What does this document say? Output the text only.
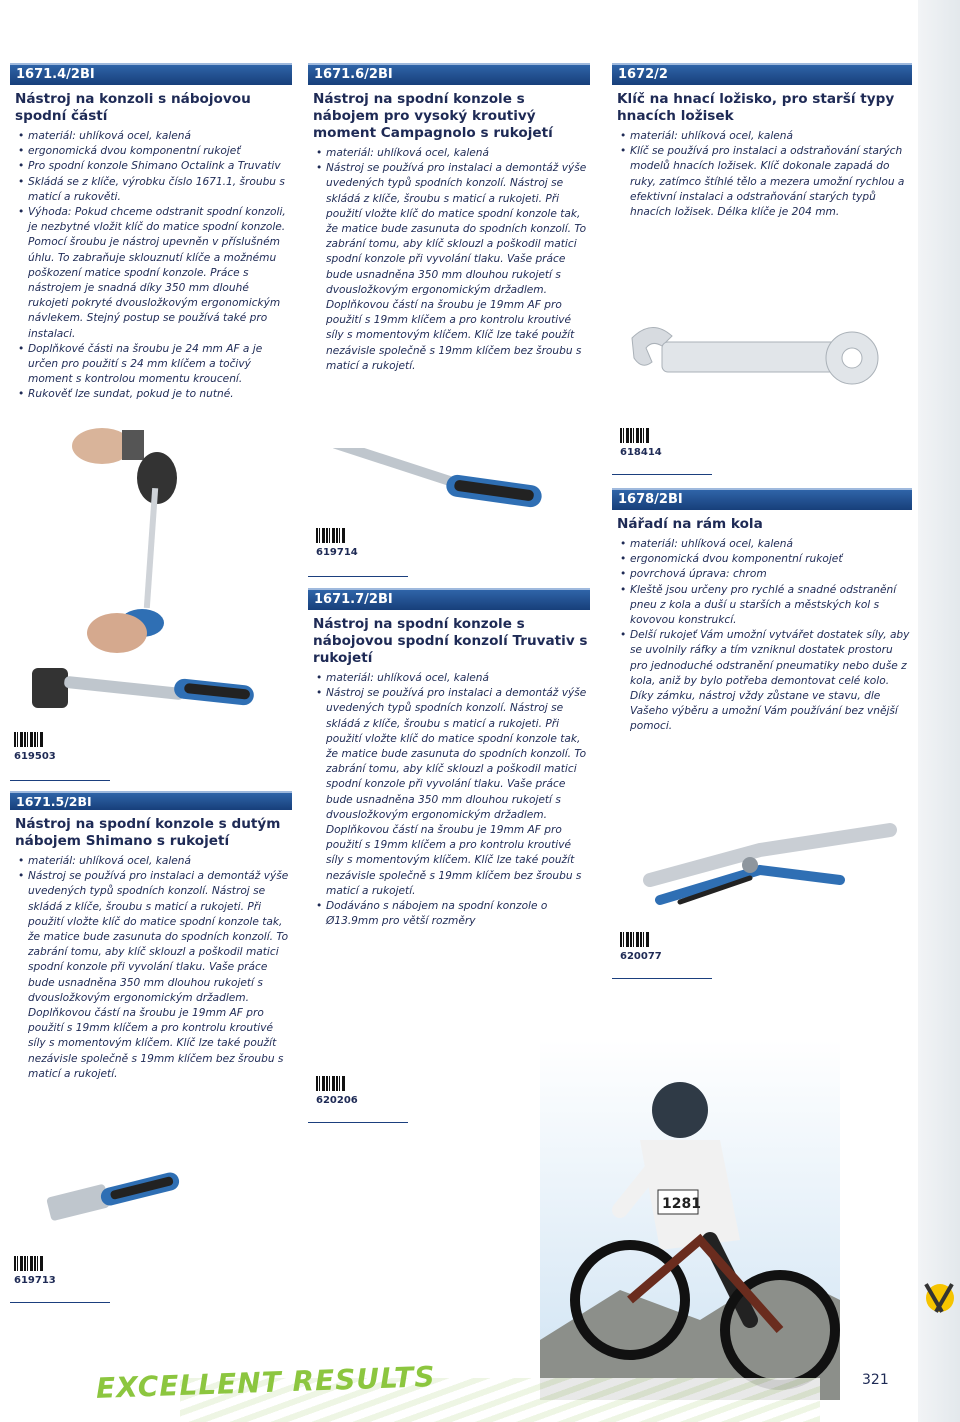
1671.4/2BI
Nástroj na konzoli s nábojovou spodní částí
• materiál: uhlíková ocel, kalená
• ergonomická dvou komponentní rukojeť
• Pro spodní konzole Shimano Octalink a Truvativ
• Skládá se z klíče, výrobku číslo 1671.1, šroubu s maticí a rukověti.
• Výhoda: Pokud chceme odstranit spodní konzoli, je nezbytné vložit klíč do matice spodní konzole. Pomocí šroubu je nástroj upevněn v příslušném úhlu. To zabraňuje sklouznutí klíče a možnému poškození matice spodní konzole. Práce s nástrojem je snadná díky 350 mm dlouhé rukojeti pokryté dvousložkovým ergonomickým návlekem. Stejný postup se používá také pro instalaci.
• Doplňkové části na šroubu je 24 mm AF a je určen pro použití s 24 mm klíčem a točivý moment s kontrolou momentu kroucení.
• Rukověť lze sundat, pokud je to nutné.
619503
1671.5/2BI
Nástroj na spodní konzole s dutým nábojem Shimano s rukojetí
• materiál: uhlíková ocel, kalená
• Nástroj se používá pro instalaci a demontáž výše uvedených typů spodních konzolí. Nástroj se skládá z klíče, šroubu s maticí a rukojeti. Při použití vložte klíč do matice spodní konzole tak, že matice bude zasunuta do spodních konzolí. To zabrání tomu, aby klíč sklouzl a poškodil matici spodní konzole při vyvolání tlaku. Vaše práce bude usnadněna 350 mm dlouhou rukojetí s dvousložkovým ergonomickým držadlem. Doplňkovou částí na šroubu je 19mm AF pro použití s 19mm klíčem a pro kontrolu kroutivé síly s momentovým klíčem. Klíč lze také použít nezávisle společně s 19mm klíčem bez šroubu s maticí a rukojetí.
619713
1671.6/2BI
Nástroj na spodní konzole s nábojem pro vysoký kroutivý moment Campagnolo s rukojetí
• materiál: uhlíková ocel, kalená
• Nástroj se používá pro instalaci a demontáž výše uvedených typů spodních konzolí. Nástroj se skládá z klíče, šroubu s maticí a rukojeti. Při použití vložte klíč do matice spodní konzole tak, že matice bude zasunuta do spodních konzolí. To zabrání tomu, aby klíč sklouzl a poškodil matici spodní konzole při vyvolání tlaku. Vaše práce bude usnadněna 350 mm dlouhou rukojetí s dvousložkovým ergonomickým držadlem. Doplňkovou částí na šroubu je 19mm AF pro použití s 19mm klíčem a pro kontrolu kroutivé síly s momentovým klíčem. Klíč lze také použít nezávisle společně s 19mm klíčem bez šroubu s maticí a rukojetí.
619714
1671.7/2BI
Nástroj na spodní konzole s nábojovou spodní konzolí Truvativ s rukojetí
• materiál: uhlíková ocel, kalená
• Nástroj se používá pro instalaci a demontáž výše uvedených typů spodních konzolí. Nástroj se skládá z klíče, šroubu s maticí a rukojeti. Při použití vložte klíč do matice spodní konzole tak, že matice bude zasunuta do spodních konzolí. To zabrání tomu, aby klíč sklouzl a poškodil matici spodní konzole při vyvolání tlaku. Vaše práce bude usnadněna 350 mm dlouhou rukojetí s dvousložkovým ergonomickým držadlem. Doplňkovou částí na šroubu je 19mm AF pro použití s 19mm klíčem a pro kontrolu kroutivé síly s momentovým klíčem. Klíč lze také použít nezávisle společně s 19mm klíčem bez šroubu s maticí a rukojetí.
• Dodáváno s nábojem na spodní konzole o Ø13.9mm pro větší rozměry
620206
1672/2
Klíč na hnací ložisko, pro starší typy hnacích ložisek
• materiál: uhlíková ocel, kalená
• Klíč se používá pro instalaci a odstraňování starých modelů hnacích ložisek. Klíč dokonale zapadá do ruky, zatímco štíhlé tělo a mezera umožní rychlou a efektivní instalaci a odstraňování starých typů hnacích ložisek. Délka klíče je 204 mm.
618414
1678/2BI
Nářadí na rám kola
• materiál: uhlíková ocel, kalená
• ergonomická dvou komponentní rukojeť
• povrchová úprava: chrom
• Kleště jsou určeny pro rychlé a snadné odstranění pneu z kola a duší u starších a městských kol s kovovou konstrukcí.
• Delší rukojeť Vám umožní vytvářet dostatek síly, aby se uvolnily ráfky a tím vzniknul dostatek prostoru pro jednoduché odstranění pneumatiky nebo duše z kola, aniž by bylo potřeba demontovat celé kolo. Díky zámku, nástroj vždy zůstane ve stavu, dle Vašeho výběru a umožní Vám používání bez vnější pomoci.
620077
1281
EXCELLENT RESULTS	321
